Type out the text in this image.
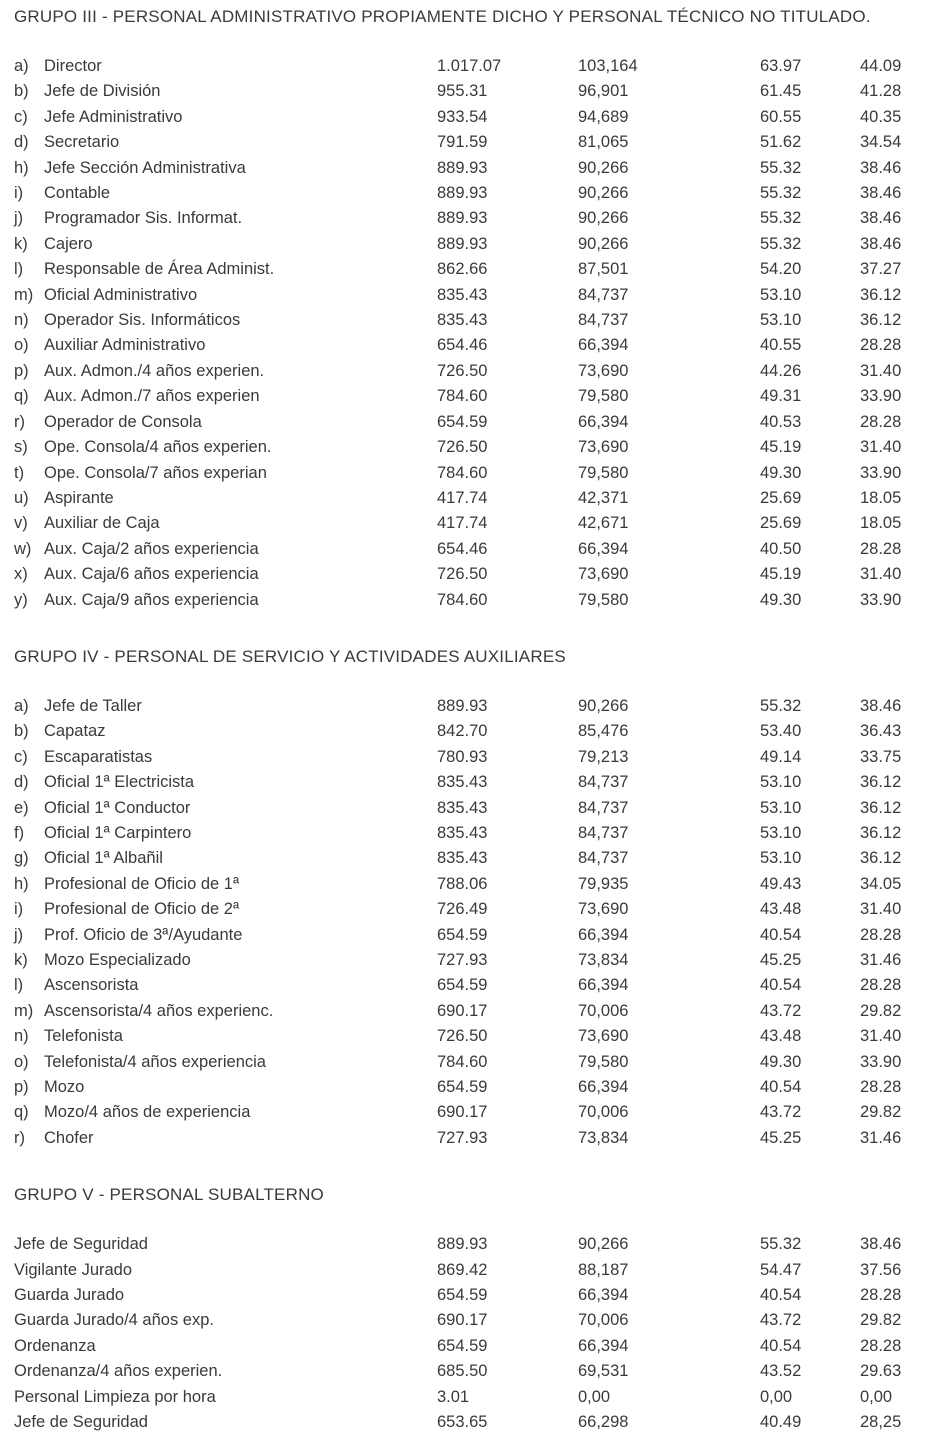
GRUPO III - PERSONAL ADMINISTRATIVO PROPIAMENTE DICHO Y PERSONAL TÉCNICO NO TITULADO.
a) Director	1.017.07	103,164	63.97	44.09
b) Jefe de División	955.31	96,901	61.45	41.28
c) Jefe Administrativo	933.54	94,689	60.55	40.35
d) Secretario	791.59	81,065	51.62	34.54
h) Jefe Sección Administrativa	889.93	90,266	55.32	38.46
i)	Contable	889.93	90,266	55.32	38.46
j)	Programador Sis. Informat.	889.93	90,266	55.32	38.46
k) Cajero	889.93	90,266	55.32	38.46
l)	Responsable de Área Administ.	862.66	87,501	54.20	37.27
m) Oficial Administrativo	835.43	84,737	53.10	36.12
n) Operador Sis. Informáticos	835.43	84,737	53.10	36.12
o) Auxiliar Administrativo	654.46	66,394	40.55	28.28
p) Aux. Admon./4 años experien.	726.50	73,690	44.26	31.40
q) Aux. Admon./7 años experien	784.60	79,580	49.31	33.90
r)	Operador de Consola	654.59	66,394	40.53	28.28
s) Ope. Consola/4 años experien.	726.50	73,690	45.19	31.40
t)	Ope. Consola/7 años experian	784.60	79,580	49.30	33.90
u) Aspirante	417.74	42,371	25.69	18.05
v) Auxiliar de Caja	417.74	42,671	25.69	18.05
w) Aux. Caja/2 años experiencia	654.46	66,394	40.50	28.28
x) Aux. Caja/6 años experiencia	726.50	73,690	45.19	31.40
y) Aux. Caja/9 años experiencia	784.60	79,580	49.30	33.90
GRUPO IV - PERSONAL DE SERVICIO Y ACTIVIDADES AUXILIARES
a) Jefe de Taller	889.93	90,266	55.32	38.46
b) Capataz	842.70	85,476	53.40	36.43
c) Escaparatistas	780.93	79,213	49.14	33.75
d) Oficial 1ª Electricista	835.43	84,737	53.10	36.12
e) Oficial 1ª Conductor	835.43	84,737	53.10	36.12
f)	Oficial 1ª Carpintero	835.43	84,737	53.10	36.12
g) Oficial 1ª Albañil	835.43	84,737	53.10	36.12
h) Profesional de Oficio de 1ª	788.06	79,935	49.43	34.05
i)	Profesional de Oficio de 2ª	726.49	73,690	43.48	31.40
j)	Prof. Oficio de 3ª/Ayudante	654.59	66,394	40.54	28.28
k) Mozo Especializado	727.93	73,834	45.25	31.46
l)	Ascensorista	654.59	66,394	40.54	28.28
m) Ascensorista/4 años experienc.	690.17	70,006	43.72	29.82
n) Telefonista	726.50	73,690	43.48	31.40
o) Telefonista/4 años experiencia	784.60	79,580	49.30	33.90
p) Mozo	654.59	66,394	40.54	28.28
q) Mozo/4 años de experiencia	690.17	70,006	43.72	29.82
r)	Chofer	727.93	73,834	45.25	31.46
GRUPO V - PERSONAL SUBALTERNO
Jefe de Seguridad	889.93	90,266	55.32	38.46
Vigilante Jurado	869.42	88,187	54.47	37.56
Guarda Jurado	654.59	66,394	40.54	28.28
Guarda Jurado/4 años exp.	690.17	70,006	43.72	29.82
Ordenanza	654.59	66,394	40.54	28.28
Ordenanza/4 años experien.	685.50	69,531	43.52	29.63
Personal Limpieza por hora	3.01	0,00	0,00	0,00
Jefe de Seguridad	653.65	66,298	40.49	28,25
